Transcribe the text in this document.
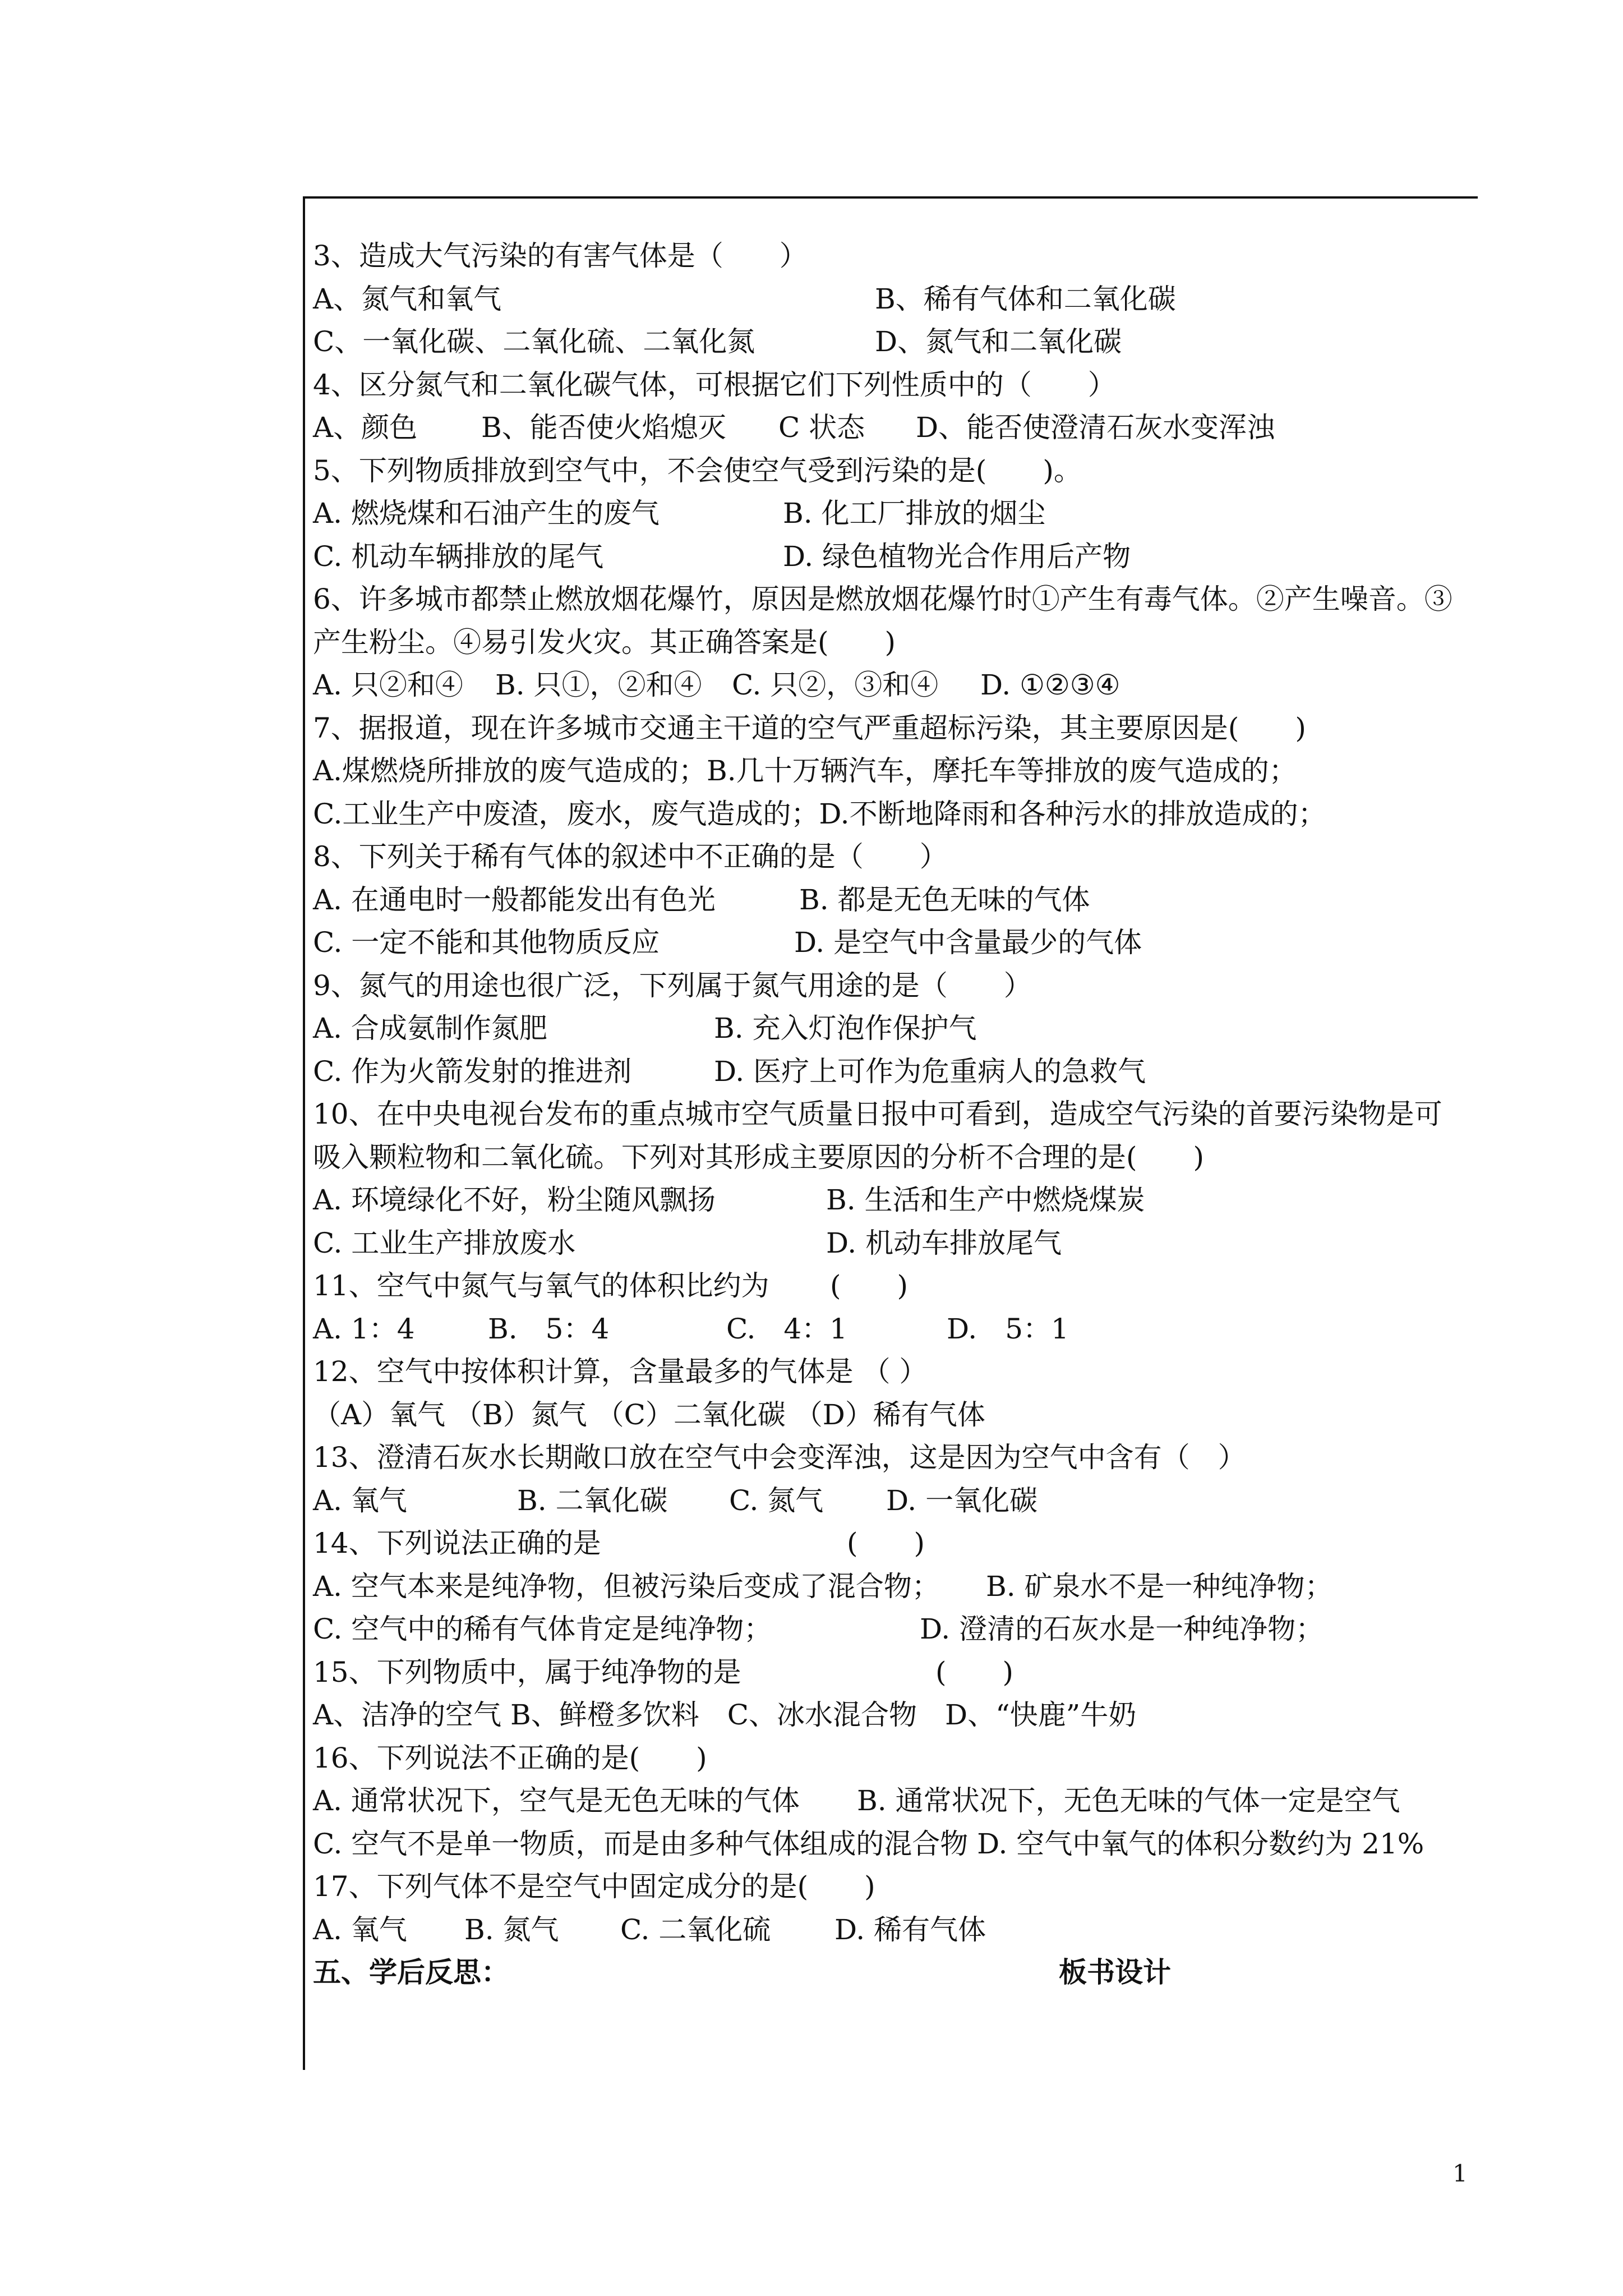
3、造成大气污染的有害气体是（　　）
A、氮气和氧气	B、稀有气体和二氧化碳
C、一氧化碳、二氧化硫、二氧化氮	D、氮气和二氧化碳
4、区分氮气和二氧化碳气体，可根据它们下列性质中的（　　）
A、颜色 B、能否使火焰熄灭 C 状态 D、能否使澄清石灰水变浑浊
5、下列物质排放到空气中，不会使空气受到污染的是(　　)。
A. 燃烧煤和石油产生的废气	B. 化工厂排放的烟尘
C. 机动车辆排放的尾气	D. 绿色植物光合作用后产物
6、许多城市都禁止燃放烟花爆竹，原因是燃放烟花爆竹时①产生有毒气体。②产生噪音。③
产生粉尘。④易引发火灾。其正确答案是(　　)
A. 只②和④ B. 只①，②和④ C. 只②，③和④ D. ①②③④
7、据报道，现在许多城市交通主干道的空气严重超标污染，其主要原因是(　　)
A.煤燃烧所排放的废气造成的；B.几十万辆汽车，摩托车等排放的废气造成的；
C.工业生产中废渣，废水，废气造成的；D.不断地降雨和各种污水的排放造成的；
8、下列关于稀有气体的叙述中不正确的是（　　）
A. 在通电时一般都能发出有色光	B. 都是无色无味的气体
C. 一定不能和其他物质反应	D. 是空气中含量最少的气体
9、氮气的用途也很广泛，下列属于氮气用途的是（　　）
A. 合成氨制作氮肥	B. 充入灯泡作保护气
C. 作为火箭发射的推进剂	D. 医疗上可作为危重病人的急救气
10、在中央电视台发布的重点城市空气质量日报中可看到，造成空气污染的首要污染物是可
吸入颗粒物和二氧化硫。下列对其形成主要原因的分析不合理的是(　　)
A. 环境绿化不好，粉尘随风飘扬	B. 生活和生产中燃烧煤炭
C. 工业生产排放废水	D. 机动车排放尾气
11、空气中氮气与氧气的体积比约为 (　　)
A. 1：4	B.　5：4	C.　4：1	D.　5：1
12、空气中按体积计算，含量最多的气体是 （ ）
（A）氧气 （B）氮气 （C）二氧化碳 （D）稀有气体
13、澄清石灰水长期敞口放在空气中会变浑浊，这是因为空气中含有（　）
A. 氧气	B. 二氧化碳 C. 氮气 D. 一氧化碳
14、下列说法正确的是	(　　)
A. 空气本来是纯净物，但被污染后变成了混合物； B. 矿泉水不是一种纯净物；
C. 空气中的稀有气体肯定是纯净物；	D. 澄清的石灰水是一种纯净物；
15、下列物质中，属于纯净物的是	(　　)
A、洁净的空气 B、鲜橙多饮料　C、冰水混合物　D、“快鹿”牛奶
16、下列说法不正确的是(　　)
A. 通常状况下，空气是无色无味的气体 B. 通常状况下，无色无味的气体一定是空气
C. 空气不是单一物质，而是由多种气体组成的混合物 D. 空气中氧气的体积分数约为 21%
17、下列气体不是空气中固定成分的是(　　)
A. 氧气 B. 氮气 C. 二氧化硫 D. 稀有气体
五、学后反思：	板书设计
1
